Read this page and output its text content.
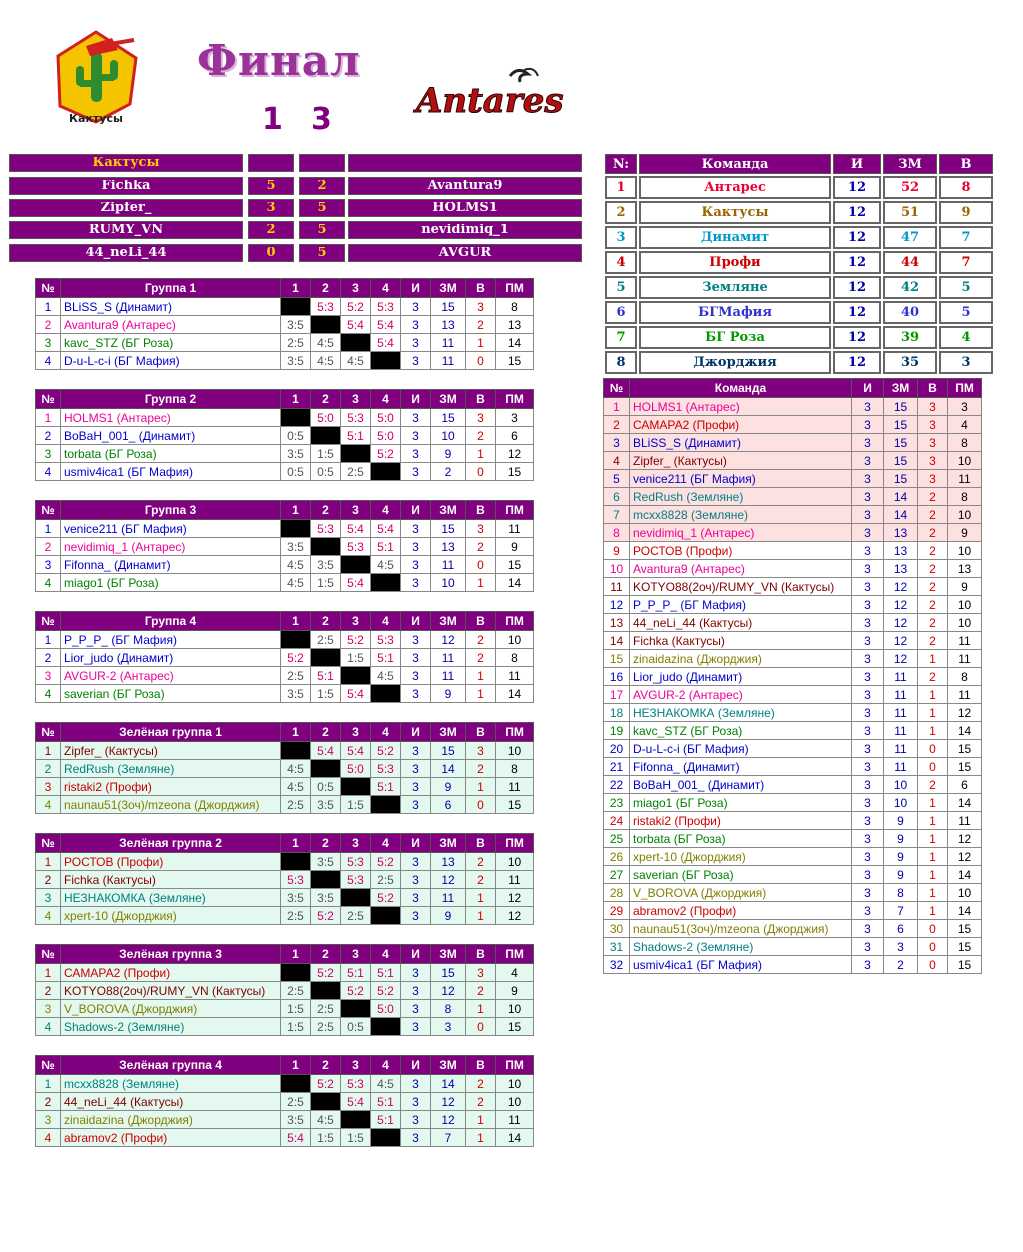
Кактусы
Финал
1 3 Antares
Кактусы
Fichka	5	2	Avantura9
Zipfer_	3	5	HOLMS1
RUMY_VN	2	5	nevidimiq_1
44_neLi_44	0	5	AVGUR
N:	Команда	И	ЗМ	В
1	Антарес	12	52	8
2	Кактусы	12	51	9
3	Динамит	12	47	7
4	Профи	12	44	7
5	Земляне	12	42	5
6	БГМафия	12	40	5
7	БГ Роза	12	39	4
8	Джорджия	12	35	3
№	Группа 1	1	2	3	4	И	ЗМ	В	ПМ
1	BLiSS_S (Динамит)		5:3	5:2	5:3	3	15	3	8
2	Avantura9 (Антарес)	3:5		5:4	5:4	3	13	2	13
3	kavc_STZ (БГ Роза)	2:5	4:5		5:4	3	11	1	14
4	D-u-L-c-i (БГ Мафия)	3:5	4:5	4:5		3	11	0	15
№	Группа 2	1	2	3	4	И	ЗМ	В	ПМ
1	HOLMS1 (Антарес)		5:0	5:3	5:0	3	15	3	3
2	BoBaH_001_ (Динамит)	0:5		5:1	5:0	3	10	2	6
3	torbata (БГ Роза)	3:5	1:5		5:2	3	9	1	12
4	usmiv4ica1 (БГ Мафия)	0:5	0:5	2:5		3	2	0	15
№	Группа 3	1	2	3	4	И	ЗМ	В	ПМ
1	venice211 (БГ Мафия)		5:3	5:4	5:4	3	15	3	11
2	nevidimiq_1 (Антарес)	3:5		5:3	5:1	3	13	2	9
3	Fifonna_ (Динамит)	4:5	3:5		4:5	3	11	0	15
4	miago1 (БГ Роза)	4:5	1:5	5:4		3	10	1	14
№	Группа 4	1	2	3	4	И	ЗМ	В	ПМ
1	P_P_P_ (БГ Мафия)		2:5	5:2	5:3	3	12	2	10
2	Lior_judo (Динамит)	5:2		1:5	5:1	3	11	2	8
3	AVGUR-2 (Антарес)	2:5	5:1		4:5	3	11	1	11
4	saverian (БГ Роза)	3:5	1:5	5:4		3	9	1	14
№	Зелёная группа 1	1	2	3	4	И	ЗМ	В	ПМ
1	Zipfer_ (Кактусы)		5:4	5:4	5:2	3	15	3	10
2	RedRush (Земляне)	4:5		5:0	5:3	3	14	2	8
3	ristaki2 (Профи)	4:5	0:5		5:1	3	9	1	11
4	naunau51(3оч)/mzeona (Джорджия)	2:5	3:5	1:5		3	6	0	15
№	Зелёная группа 2	1	2	3	4	И	ЗМ	В	ПМ
1	РОСТОВ (Профи)		3:5	5:3	5:2	3	13	2	10
2	Fichka (Кактусы)	5:3		5:3	2:5	3	12	2	11
3	НЕЗНАКОМКА (Земляне)	3:5	3:5		5:2	3	11	1	12
4	xpert-10 (Джорджия)	2:5	5:2	2:5		3	9	1	12
№	Зелёная группа 3	1	2	3	4	И	ЗМ	В	ПМ
1	САМАРА2 (Профи)		5:2	5:1	5:1	3	15	3	4
2	KOTYO88(2оч)/RUMY_VN (Кактусы)	2:5		5:2	5:2	3	12	2	9
3	V_BOROVA (Джорджия)	1:5	2:5		5:0	3	8	1	10
4	Shadows-2 (Земляне)	1:5	2:5	0:5		3	3	0	15
№	Зелёная группа 4	1	2	3	4	И	ЗМ	В	ПМ
1	mcxx8828 (Земляне)		5:2	5:3	4:5	3	14	2	10
2	44_neLi_44 (Кактусы)	2:5		5:4	5:1	3	12	2	10
3	zinaidazina (Джорджия)	3:5	4:5		5:1	3	12	1	11
4	abramov2 (Профи)	5:4	1:5	1:5		3	7	1	14
№	Команда	И	ЗМ	В	ПМ
1	HOLMS1 (Антарес)	3	15	3	3
2	САМАРА2 (Профи)	3	15	3	4
3	BLiSS_S (Динамит)	3	15	3	8
4	Zipfer_ (Кактусы)	3	15	3	10
5	venice211 (БГ Мафия)	3	15	3	11
6	RedRush (Земляне)	3	14	2	8
7	mcxx8828 (Земляне)	3	14	2	10
8	nevidimiq_1 (Антарес)	3	13	2	9
9	РОСТОВ (Профи)	3	13	2	10
10	Avantura9 (Антарес)	3	13	2	13
11	KOTYO88(2оч)/RUMY_VN (Кактусы)	3	12	2	9
12	P_P_P_ (БГ Мафия)	3	12	2	10
13	44_neLi_44 (Кактусы)	3	12	2	10
14	Fichka (Кактусы)	3	12	2	11
15	zinaidazina (Джорджия)	3	12	1	11
16	Lior_judo (Динамит)	3	11	2	8
17	AVGUR-2 (Антарес)	3	11	1	11
18	НЕЗНАКОМКА (Земляне)	3	11	1	12
19	kavc_STZ (БГ Роза)	3	11	1	14
20	D-u-L-c-i (БГ Мафия)	3	11	0	15
21	Fifonna_ (Динамит)	3	11	0	15
22	BoBaH_001_ (Динамит)	3	10	2	6
23	miago1 (БГ Роза)	3	10	1	14
24	ristaki2 (Профи)	3	9	1	11
25	torbata (БГ Роза)	3	9	1	12
26	xpert-10 (Джорджия)	3	9	1	12
27	saverian (БГ Роза)	3	9	1	14
28	V_BOROVA (Джорджия)	3	8	1	10
29	abramov2 (Профи)	3	7	1	14
30	naunau51(3оч)/mzeona (Джорджия)	3	6	0	15
31	Shadows-2 (Земляне)	3	3	0	15
32	usmiv4ica1 (БГ Мафия)	3	2	0	15
